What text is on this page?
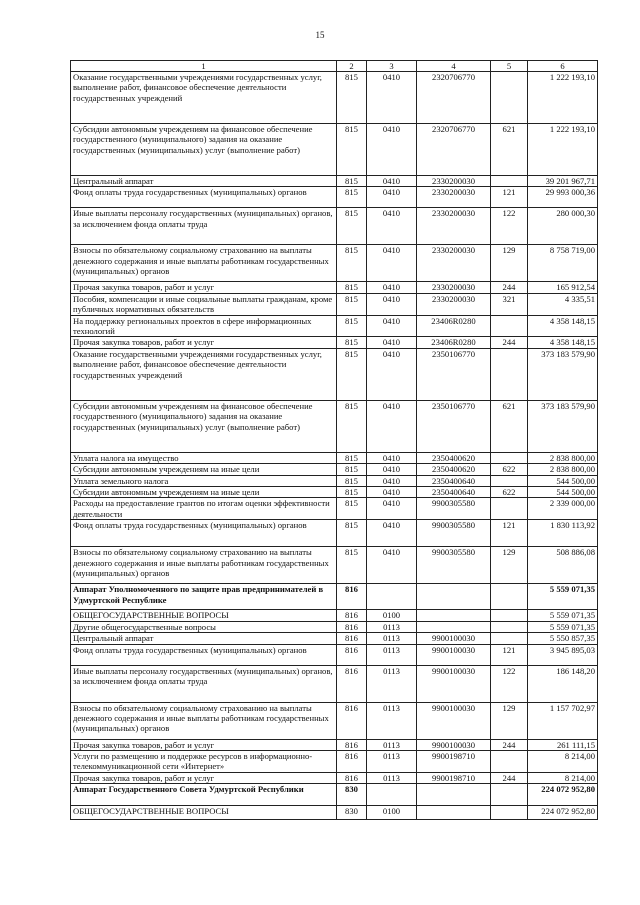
15
1	2	3	4	5	6
Оказание государственными учреждениями государственных услуг, выполнение работ, финансовое обеспечение деятельности государственных учреждений	815	0410	2320706770		1 222 193,10
Субсидии автономным учреждениям на финансовое обеспечение государственного (муниципального) задания на оказание государственных (муниципальных) услуг (выполнение работ)	815	0410	2320706770	621	1 222 193,10
Центральный аппарат	815	0410	2330200030		39 201 967,71
Фонд оплаты труда государственных (муниципальных) органов	815	0410	2330200030	121	29 993 000,36
Иные выплаты персоналу государственных (муниципальных) органов, за исключением фонда оплаты труда	815	0410	2330200030	122	280 000,30
Взносы по обязательному социальному страхованию на выплаты денежного содержания и иные выплаты работникам государственных (муниципальных) органов	815	0410	2330200030	129	8 758 719,00
Прочая закупка товаров, работ и услуг	815	0410	2330200030	244	165 912,54
Пособия, компенсации и иные социальные выплаты гражданам, кроме публичных нормативных обязательств	815	0410	2330200030	321	4 335,51
На поддержку региональных проектов в сфере информационных технологий	815	0410	23406R0280		4 358 148,15
Прочая закупка товаров, работ и услуг	815	0410	23406R0280	244	4 358 148,15
Оказание государственными учреждениями государственных услуг, выполнение работ, финансовое обеспечение деятельности государственных учреждений	815	0410	2350106770		373 183 579,90
Субсидии автономным учреждениям на финансовое обеспечение государственного (муниципального) задания на оказание государственных (муниципальных) услуг (выполнение работ)	815	0410	2350106770	621	373 183 579,90
Уплата налога на имущество	815	0410	2350400620		2 838 800,00
Субсидии автономным учреждениям на иные цели	815	0410	2350400620	622	2 838 800,00
Уплата земельного налога	815	0410	2350400640		544 500,00
Субсидии автономным учреждениям на иные цели	815	0410	2350400640	622	544 500,00
Расходы на предоставление грантов по итогам оценки эффективности деятельности	815	0410	9900305580		2 339 000,00
Фонд оплаты труда государственных (муниципальных) органов	815	0410	9900305580	121	1 830 113,92
Взносы по обязательному социальному страхованию на выплаты денежного содержания и иные выплаты работникам государственных (муниципальных) органов	815	0410	9900305580	129	508 886,08
Аппарат Уполномоченного по защите прав предпринимателей в Удмуртской Республике	816				5 559 071,35
ОБЩЕГОСУДАРСТВЕННЫЕ ВОПРОСЫ	816	0100			5 559 071,35
Другие общегосударственные вопросы	816	0113			5 559 071,35
Центральный аппарат	816	0113	9900100030		5 550 857,35
Фонд оплаты труда государственных (муниципальных) органов	816	0113	9900100030	121	3 945 895,03
Иные выплаты персоналу государственных (муниципальных) органов, за исключением фонда оплаты труда	816	0113	9900100030	122	186 148,20
Взносы по обязательному социальному страхованию на выплаты денежного содержания и иные выплаты работникам государственных (муниципальных) органов	816	0113	9900100030	129	1 157 702,97
Прочая закупка товаров, работ и услуг	816	0113	9900100030	244	261 111,15
Услуги по размещению и поддержке ресурсов в информационно-телекоммуникационной сети «Интернет»	816	0113	9900198710		8 214,00
Прочая закупка товаров, работ и услуг	816	0113	9900198710	244	8 214,00
Аппарат Государственного Совета Удмуртской Республики	830				224 072 952,80
ОБЩЕГОСУДАРСТВЕННЫЕ ВОПРОСЫ	830	0100			224 072 952,80
